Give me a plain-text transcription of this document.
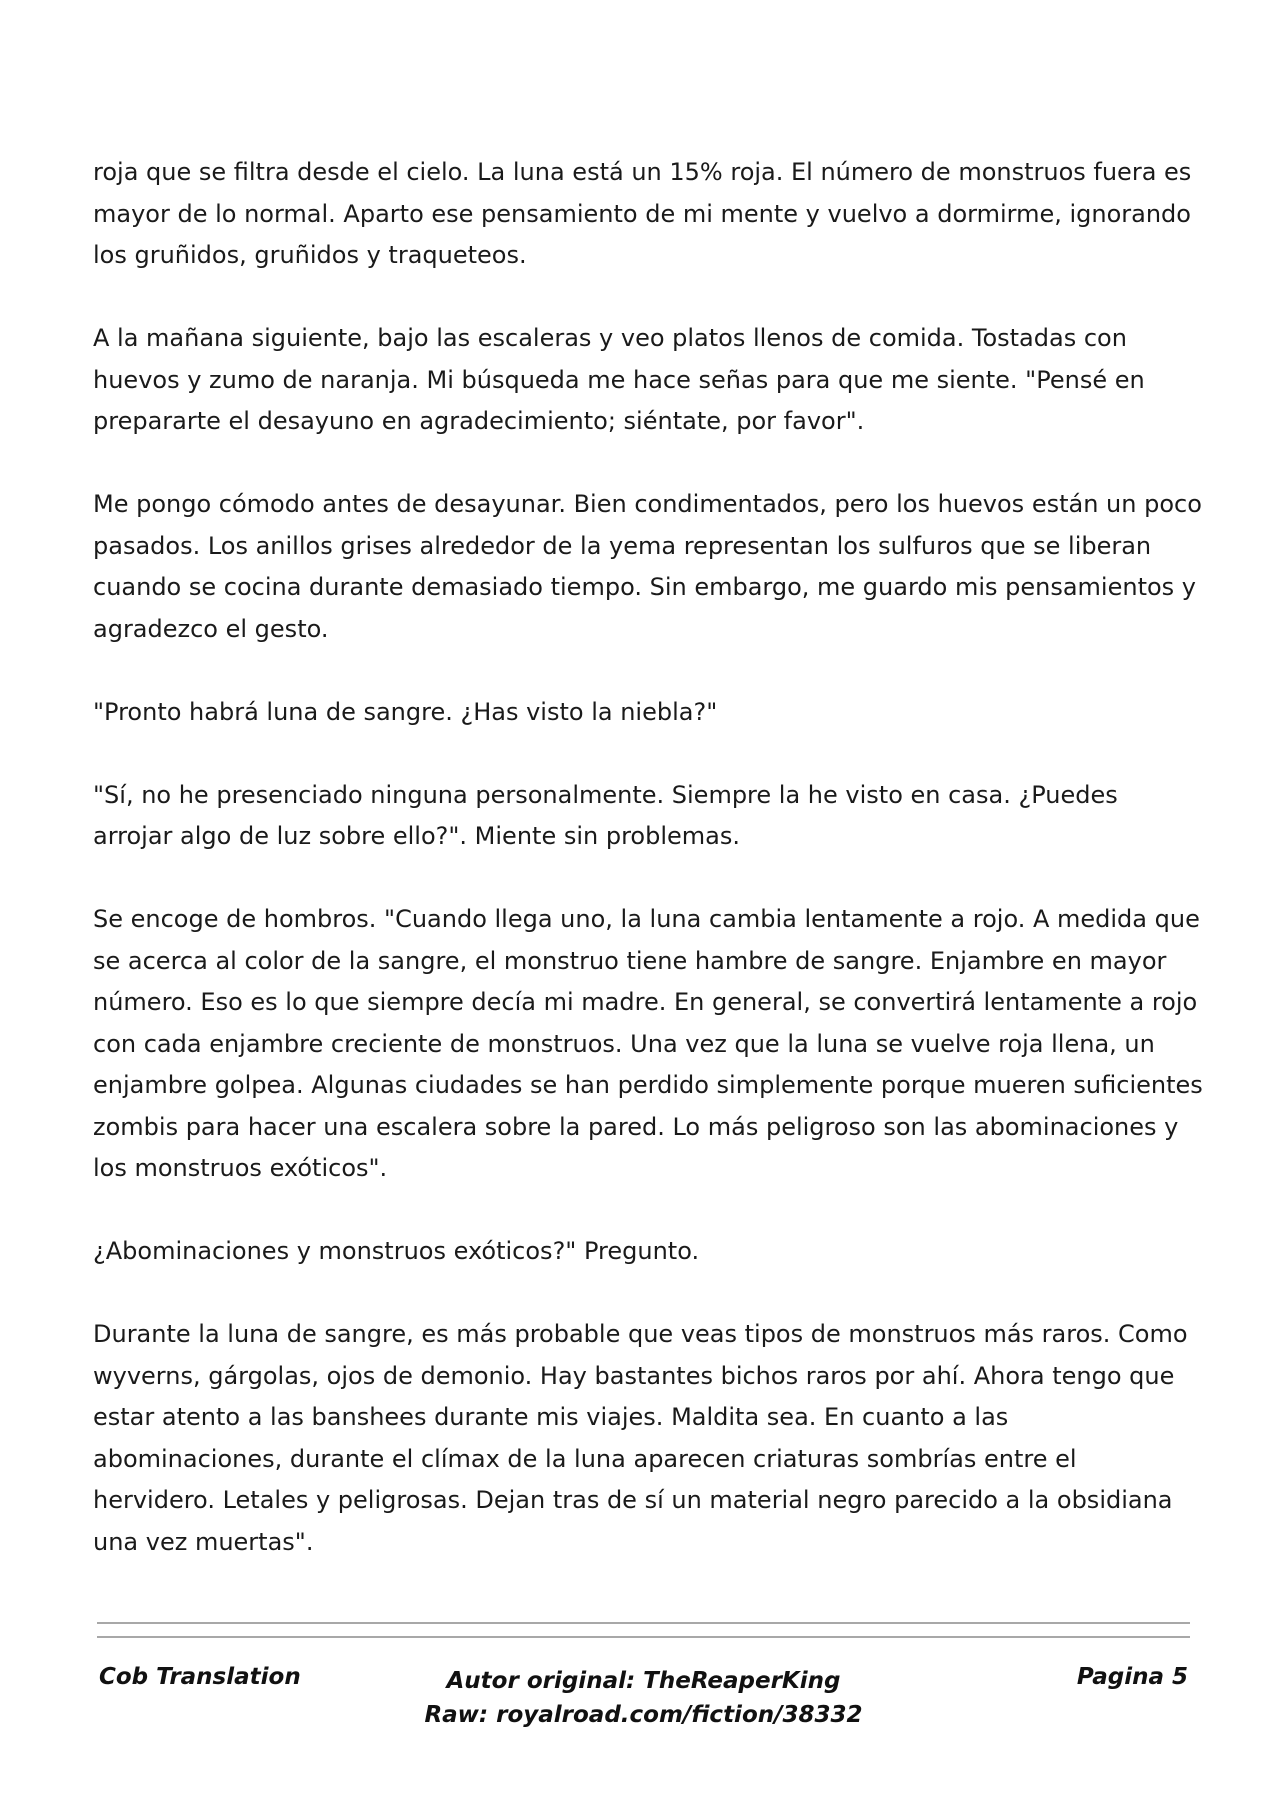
roja que se filtra desde el cielo. La luna está un 15% roja. El número de monstruos fuera es mayor de lo normal. Aparto ese pensamiento de mi mente y vuelvo a dormirme, ignorando los gruñidos, gruñidos y traqueteos.

A la mañana siguiente, bajo las escaleras y veo platos llenos de comida. Tostadas con huevos y zumo de naranja. Mi búsqueda me hace señas para que me siente. "Pensé en prepararte el desayuno en agradecimiento; siéntate, por favor".

Me pongo cómodo antes de desayunar. Bien condimentados, pero los huevos están un poco pasados. Los anillos grises alrededor de la yema representan los sulfuros que se liberan cuando se cocina durante demasiado tiempo. Sin embargo, me guardo mis pensamientos y agradezco el gesto.

"Pronto habrá luna de sangre. ¿Has visto la niebla?"

"Sí, no he presenciado ninguna personalmente. Siempre la he visto en casa. ¿Puedes arrojar algo de luz sobre ello?". Miente sin problemas.

Se encoge de hombros. "Cuando llega uno, la luna cambia lentamente a rojo. A medida que se acerca al color de la sangre, el monstruo tiene hambre de sangre. Enjambre en mayor número. Eso es lo que siempre decía mi madre. En general, se convertirá lentamente a rojo con cada enjambre creciente de monstruos. Una vez que la luna se vuelve roja llena, un enjambre golpea. Algunas ciudades se han perdido simplemente porque mueren suficientes zombis para hacer una escalera sobre la pared. Lo más peligroso son las abominaciones y los monstruos exóticos".

¿Abominaciones y monstruos exóticos?" Pregunto.

Durante la luna de sangre, es más probable que veas tipos de monstruos más raros. Como wyverns, gárgolas, ojos de demonio. Hay bastantes bichos raros por ahí. Ahora tengo que estar atento a las banshees durante mis viajes. Maldita sea. En cuanto a las abominaciones, durante el clímax de la luna aparecen criaturas sombrías entre el hervidero. Letales y peligrosas. Dejan tras de sí un material negro parecido a la obsidiana una vez muertas".

Cob Translation	Autor original: TheReaperKing
Raw: royalroad.com/fiction/38332
Pagina 5
